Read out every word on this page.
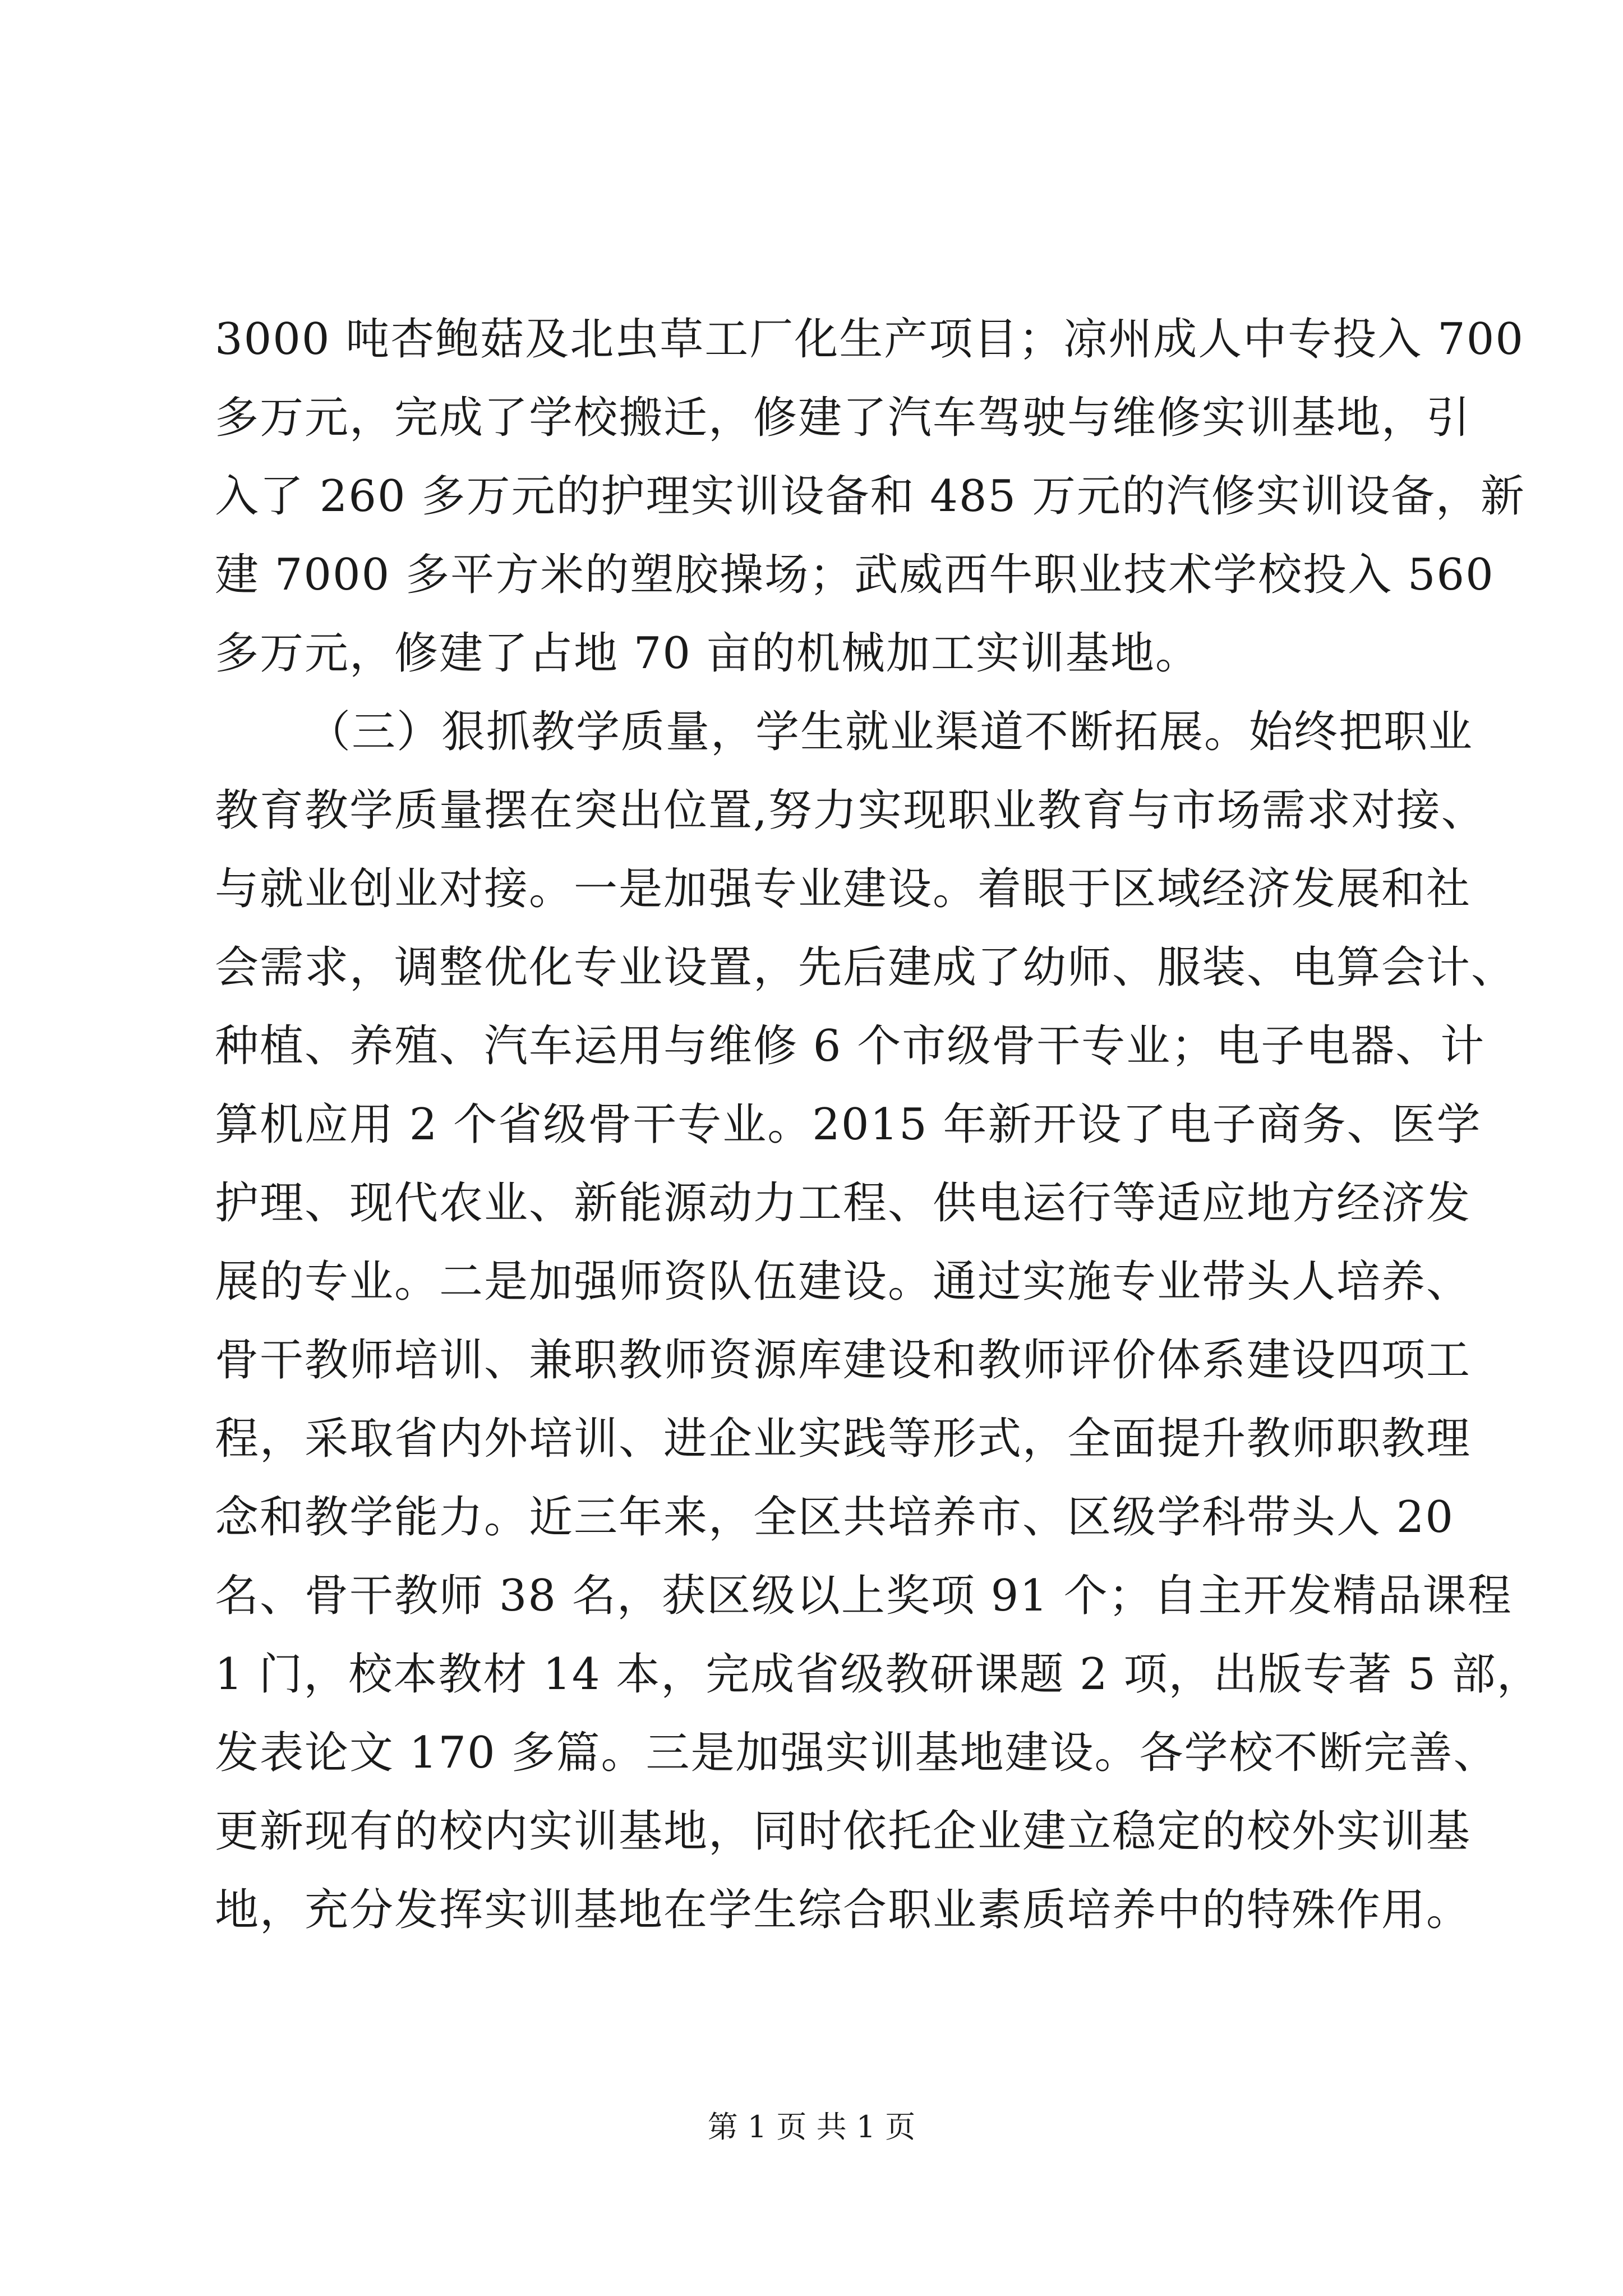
3000 吨杏鲍菇及北虫草工厂化生产项目；凉州成人中专投入 700

多万元，完成了学校搬迁，修建了汽车驾驶与维修实训基地，引

入了 260 多万元的护理实训设备和 485 万元的汽修实训设备，新

建 7000 多平方米的塑胶操场；武威西牛职业技术学校投入 560

多万元，修建了占地 70 亩的机械加工实训基地。

（三）狠抓教学质量，学生就业渠道不断拓展。始终把职业

教育教学质量摆在突出位置,努力实现职业教育与市场需求对接、

与就业创业对接。一是加强专业建设。着眼于区域经济发展和社

会需求，调整优化专业设置，先后建成了幼师、服装、电算会计、

种植、养殖、汽车运用与维修 6 个市级骨干专业；电子电器、计

算机应用 2 个省级骨干专业。2015 年新开设了电子商务、医学

护理、现代农业、新能源动力工程、供电运行等适应地方经济发

展的专业。二是加强师资队伍建设。通过实施专业带头人培养、

骨干教师培训、兼职教师资源库建设和教师评价体系建设四项工

程，采取省内外培训、进企业实践等形式，全面提升教师职教理

念和教学能力。近三年来，全区共培养市、区级学科带头人 20

名、骨干教师 38 名，获区级以上奖项 91 个；自主开发精品课程

1 门，校本教材 14 本，完成省级教研课题 2 项，出版专著 5 部，

发表论文 170 多篇。三是加强实训基地建设。各学校不断完善、

更新现有的校内实训基地，同时依托企业建立稳定的校外实训基

地，充分发挥实训基地在学生综合职业素质培养中的特殊作用。

第 1 页 共 1 页
